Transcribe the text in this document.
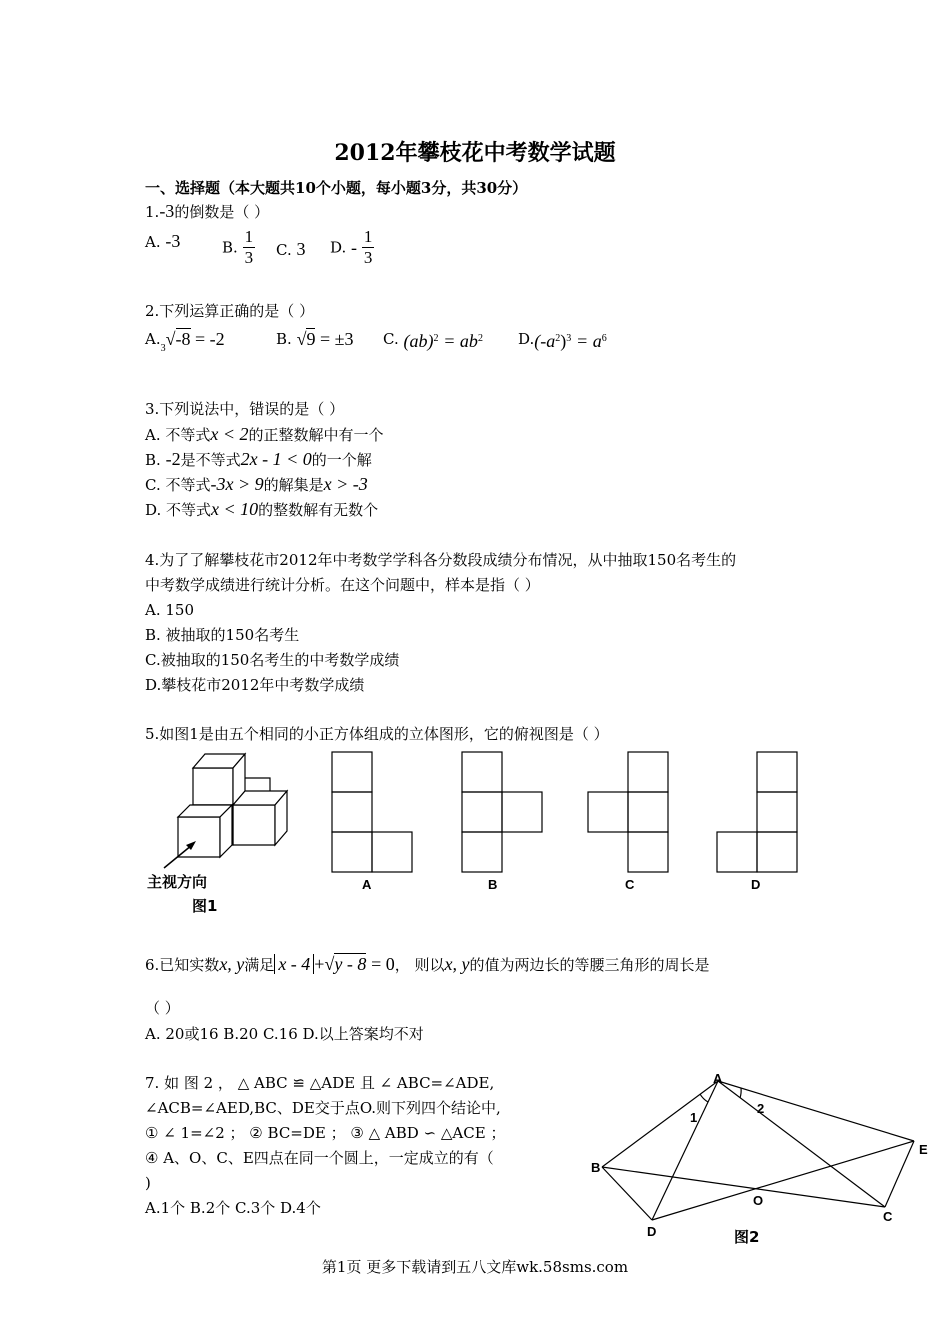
2012年攀枝花中考数学试题
一、选择题（本大题共10个小题，每小题3分，共30分）
1.-3的倒数是（ ）
A. -3	B. $\frac{1}{3} C$. 3 D. - $\frac{1}{3}$
2.下列运算正确的是（ ）
A.$^3$√-8 = -2	B. √9 = ±3 C. $(ab)^2 = ab^2$ $D.(-a^2)^3 = a^6$
3.下列说法中，错误的是（ ）
A. 不等式x < 2的正整数解中有一个
B. -2是不等式2x - 1 < 0的一个解
C. 不等式-3x > 9的解集是x > -3
D. 不等式x < 10的整数解有无数个
4.为了了解攀枝花市2012年中考数学学科各分数段成绩分布情况，从中抽取150名考生的
中考数学成绩进行统计分析。在这个问题中，样本是指（ ）
A. 150
B. 被抽取的150名考生
C.被抽取的150名考生的中考数学成绩
D.攀枝花市2012年中考数学成绩
5.如图1是由五个相同的小正方体组成的立体图形，它的俯视图是（ ）
主视方向
图1
A	B	C	D
6.已知实数x, y满足 x - 4 +√y - 8 = 0， 则以x, y的值为两边长的等腰三角形的周长是
（ ）
A. 20或16 B.20 C.16 D.以上答案均不对
7. 如 图 2 ， △ ABC ≌ △ADE 且 ∠ ABC=∠ADE,
∠ACB=∠AED,BC、DE交于点O.则下列四个结论中,
① ∠ 1=∠2 ； ② BC=DE ； ③ △ ABD ∽ △ACE ；
④ A、O、C、E四点在同一个圆上，一定成立的有（
)
A.1个 B.2个 C.3个 D.4个
A
B
C
D
E
O
1
2
图2
第1页 更多下载请到五八文库wk.58sms.com
